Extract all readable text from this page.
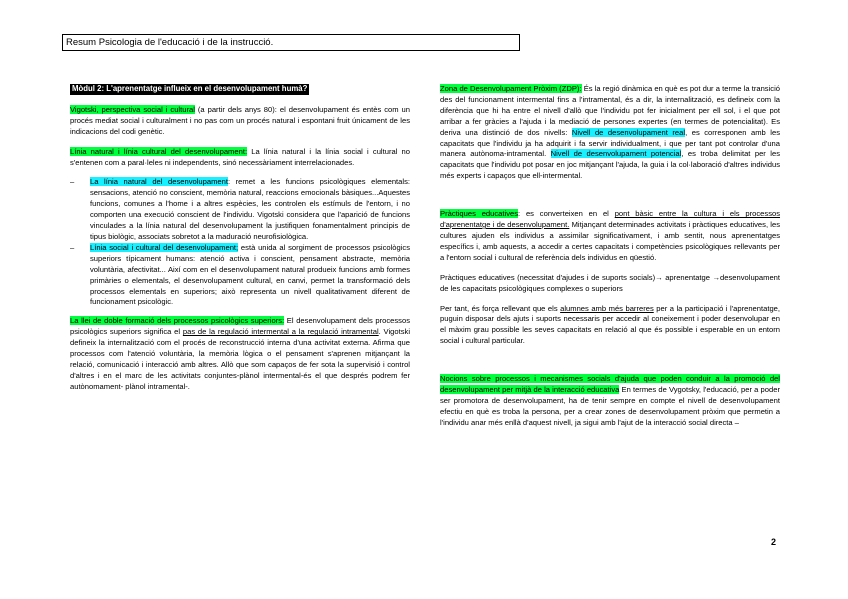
Resum Psicologia de l'educació i de la instrucció.

Mòdul 2: L'aprenentatge influeix en el desenvolupament humà?

Vigotski, perspectiva social i cultural (a partir dels anys 80): el desenvolupament és entès com un procés mediat social i culturalment i no pas com un procés natural i espontani fruit únicament de les indicacions del codi genètic.

Línia natural i línia cultural del desenvolupament: La línia natural i la línia social i cultural no s'entenen com a paral·leles ni independents, sinó necessàriament interrelacionades.

– La línia natural del desenvolupament: remet a les funcions psicològiques elementals: sensacions, atenció no conscient, memòria natural, reaccions emocionals bàsiques...Aquestes funcions, comunes a l'home i a altres espècies, les controlen els estímuls de l'entorn, i no comporten una execució conscient de l'individu. Vigotski considera que l'aparició de funcions vinculades a la línia natural del desenvolupament la justifiquen fonamentalment principis de tipus biològic, associats sobretot a la maduració neurofisiològica.
– Línia social i cultural del desenvolupament; està unida al sorgiment de processos psicològics superiors típicament humans: atenció activa i conscient, pensament abstracte, memòria voluntària, afectivitat... Així com en el desenvolupament natural produeix funcions amb formes primàries o elementals, el desenvolupament cultural, en canvi, permet la transformació dels processos elementals en superiors; això representa un nivell qualitativament diferent de funcionament psicològic.

La llei de doble formació dels processos psicològics superiors: El desenvolupament dels processos psicològics superiors significa el pas de la regulació intermental a la regulació intramental. Vigotski defineix la internalització com el procés de reconstrucció interna d'una activitat externa. Afirma que processos com l'atenció voluntària, la memòria lògica o el pensament s'aprenen mitjançant la relació, comunicació i interacció amb altres. Allò que som capaços de fer sota la supervisió i control d'altres i en el marc de les activitats conjuntes-plànol intermental-és el que després podrem fer autònomament- plànol intramental-.

Zona de Desenvolupament Pròxim (ZDP): És la regió dinàmica en què es pot dur a terme la transició des del funcionament intermental fins a l'intramental, és a dir, la internalització, es defineix com la diferència que hi ha entre el nivell d'allò que l'individu pot fer inicialment per ell sol, i el que pot arribar a fer gràcies a l'ajuda i la mediació de persones expertes (en termes de potencialitat). Es deriva una distinció de dos nivells: Nivell de desenvolupament real, es corresponen amb les capacitats que l'individu ja ha adquirit i fa servir individualment, i que per tant pot controlar d'una manera autònoma-intramental. Nivell de desenvolupament potencial, es troba delimitat per les capacitats que l'individu pot posar en joc mitjançant l'ajuda, la guia i la col·laboració d'altres individus més experts i capaços que ell-intermental.

Pràctiques educatives: es converteixen en el pont bàsic entre la cultura i els processos d'aprenentatge i de desenvolupament. Mitjançant determinades activitats i pràctiques educatives, les cultures ajuden els individus a assimilar significativament, i amb sentit, nous aprenentatges específics i, amb aquests, a accedir a certes capacitats i competències psicològiques rellevants per a l'entorn social i cultural de referència dels individus en qüestió.

Pràctiques educatives (necessitat d'ajudes i de suports socials)→ aprenentatge →desenvolupament de les capacitats psicològiques complexes o superiors

Per tant, és força rellevant que els alumnes amb més barreres per a la participació i l'aprenentatge, puguin disposar dels ajuts i suports necessaris per accedir al coneixement i poder desenvolupar en el màxim grau possible les seves capacitats en relació al que és possible i esperable en un entorn social i cultural particular.

Nocions sobre processos i mecanismes socials d'ajuda que poden conduir a la promoció del desenvolupament per mitjà de la interacció educativa En termes de Vygotsky, l'educació, per a poder ser promotora de desenvolupament, ha de tenir sempre en compte el nivell de desenvolupament efectiu en què es troba la persona, per a crear zones de desenvolupament pròxim que permetin a l'individu anar més enllà d'aquest nivell, ja sigui amb l'ajut de la interacció social directa –

2
